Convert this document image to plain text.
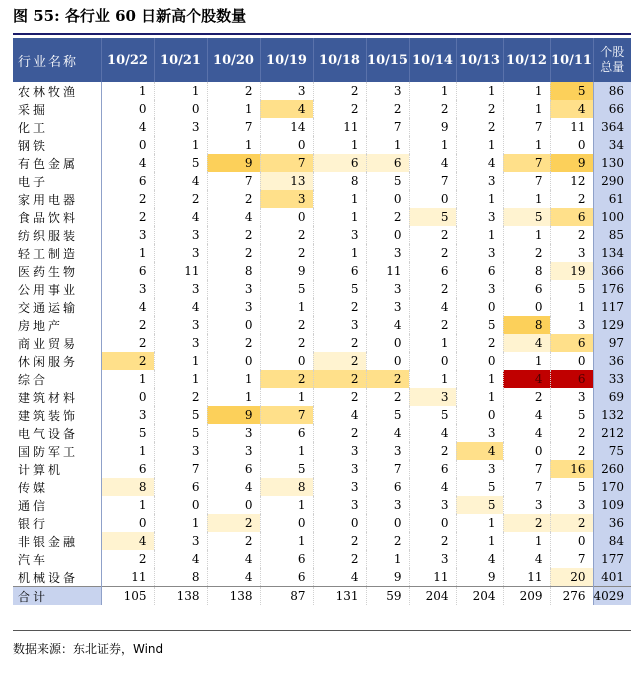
图 55: 各行业 60 日新高个股数量
行业名称	10/22	10/21	10/20	10/19	10/18	10/15	10/14	10/13	10/12	10/11	个股
总量

农林牧渔	1	1	2	3	2	3	1	1	1	5	86
采掘	0	0	1	4	2	2	2	2	1	4	66
化工	4	3	7	14	11	7	9	2	7	11	364
钢铁	0	1	1	0	1	1	1	1	1	0	34
有色金属	4	5	9	7	6	6	4	4	7	9	130
电子	6	4	7	13	8	5	7	3	7	12	290
家用电器	2	2	2	3	1	0	0	1	1	2	61
食品饮料	2	4	4	0	1	2	5	3	5	6	100
纺织服装	3	3	2	2	3	0	2	1	1	2	85
轻工制造	1	3	2	2	1	3	2	3	2	3	134
医药生物	6	11	8	9	6	11	6	6	8	19	366
公用事业	3	3	3	5	5	3	2	3	6	5	176
交通运输	4	4	3	1	2	3	4	0	0	1	117
房地产	2	3	0	2	3	4	2	5	8	3	129
商业贸易	2	3	2	2	2	0	1	2	4	6	97
休闲服务	2	1	0	0	2	0	0	0	1	0	36
综合	1	1	1	2	2	2	1	1	4	6	33
建筑材料	0	2	1	1	2	2	3	1	2	3	69
建筑装饰	3	5	9	7	4	5	5	0	4	5	132
电气设备	5	5	3	6	2	4	4	3	4	2	212
国防军工	1	3	3	1	3	3	2	4	0	2	75
计算机	6	7	6	5	3	7	6	3	7	16	260
传媒	8	6	4	8	3	6	4	5	7	5	170
通信	1	0	0	1	3	3	3	5	3	3	109
银行	0	1	2	0	0	0	0	1	2	2	36
非银金融	4	3	2	1	2	2	2	1	1	0	84
汽车	2	4	4	6	2	1	3	4	4	7	177
机械设备	11	8	4	6	4	9	11	9	11	20	401
合计	105	138	138	87	131	59	204	204	209	276	4029
数据来源：东北证券，Wind
